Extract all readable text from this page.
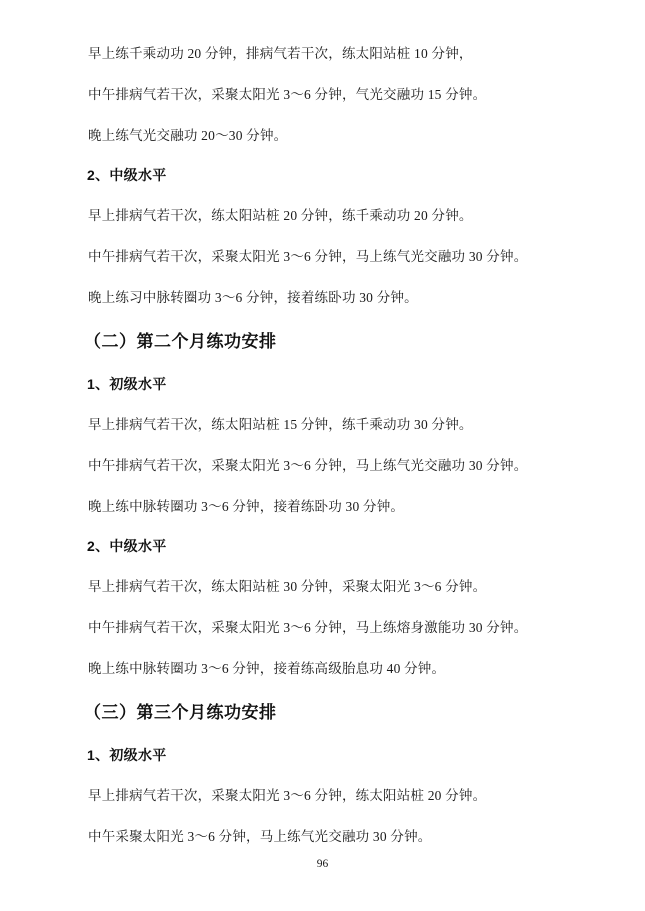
早上练千乘动功 20 分钟，排病气若干次，练太阳站桩 10 分钟，

中午排病气若干次，采聚太阳光 3～6 分钟，气光交融功 15 分钟。

晚上练气光交融功 20～30 分钟。

2、中级水平

早上排病气若干次，练太阳站桩 20 分钟，练千乘动功 20 分钟。

中午排病气若干次，采聚太阳光 3～6 分钟，马上练气光交融功 30 分钟。

晚上练习中脉转圈功 3～6 分钟，接着练卧功 30 分钟。

（二）第二个月练功安排

1、初级水平

早上排病气若干次，练太阳站桩 15 分钟，练千乘动功 30 分钟。

中午排病气若干次，采聚太阳光 3～6 分钟，马上练气光交融功 30 分钟。

晚上练中脉转圈功 3～6 分钟，接着练卧功 30 分钟。

2、中级水平

早上排病气若干次，练太阳站桩 30 分钟，采聚太阳光 3～6 分钟。

中午排病气若干次，采聚太阳光 3～6 分钟，马上练熔身激能功 30 分钟。

晚上练中脉转圈功 3～6 分钟，接着练高级胎息功 40 分钟。

（三）第三个月练功安排

1、初级水平

早上排病气若干次，采聚太阳光 3～6 分钟，练太阳站桩 20 分钟。

中午采聚太阳光 3～6 分钟，马上练气光交融功 30 分钟。

96
